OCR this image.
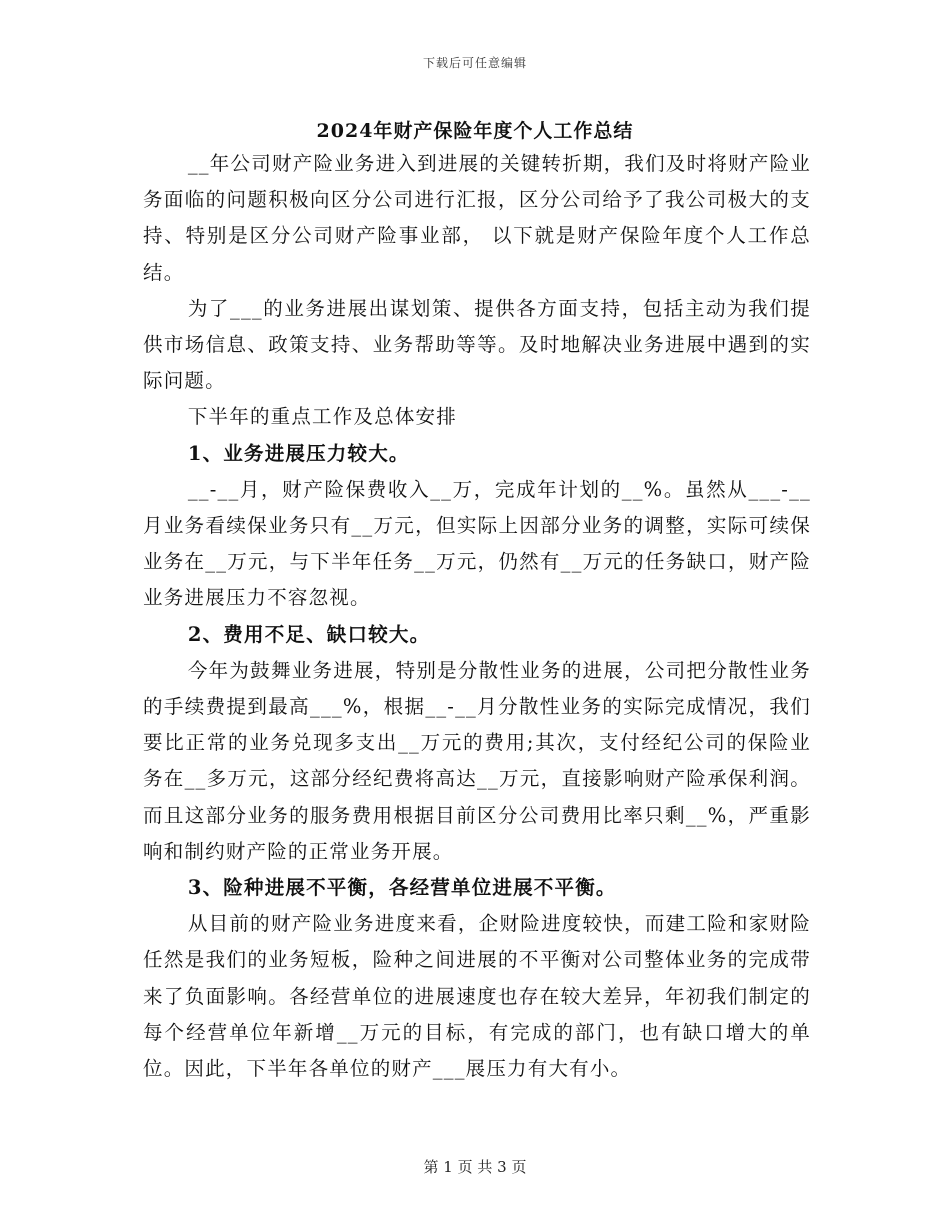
下载后可任意编辑
2024年财产保险年度个人工作总结

__年公司财产险业务进入到进展的关键转折期，我们及时将财产险业务面临的问题积极向区分公司进行汇报，区分公司给予了我公司极大的支持、特别是区分公司财产险事业部， 以下就是财产保险年度个人工作总结。

为了___的业务进展出谋划策、提供各方面支持，包括主动为我们提供市场信息、政策支持、业务帮助等等。及时地解决业务进展中遇到的实际问题。

下半年的重点工作及总体安排

1、业务进展压力较大。

__-__月，财产险保费收入__万，完成年计划的__%。虽然从___-__月业务看续保业务只有__万元，但实际上因部分业务的调整，实际可续保业务在__万元，与下半年任务__万元，仍然有__万元的任务缺口，财产险业务进展压力不容忽视。

2、费用不足、缺口较大。

今年为鼓舞业务进展，特别是分散性业务的进展，公司把分散性业务的手续费提到最高___%，根据__-__月分散性业务的实际完成情况，我们要比正常的业务兑现多支出__万元的费用;其次，支付经纪公司的保险业务在__多万元，这部分经纪费将高达__万元，直接影响财产险承保利润。而且这部分业务的服务费用根据目前区分公司费用比率只剩__%，严重影响和制约财产险的正常业务开展。

3、险种进展不平衡，各经营单位进展不平衡。

从目前的财产险业务进度来看，企财险进度较快，而建工险和家财险任然是我们的业务短板，险种之间进展的不平衡对公司整体业务的完成带来了负面影响。各经营单位的进展速度也存在较大差异，年初我们制定的每个经营单位年新增__万元的目标，有完成的部门，也有缺口增大的单位。因此，下半年各单位的财产___展压力有大有小。

第 1 页 共 3 页
